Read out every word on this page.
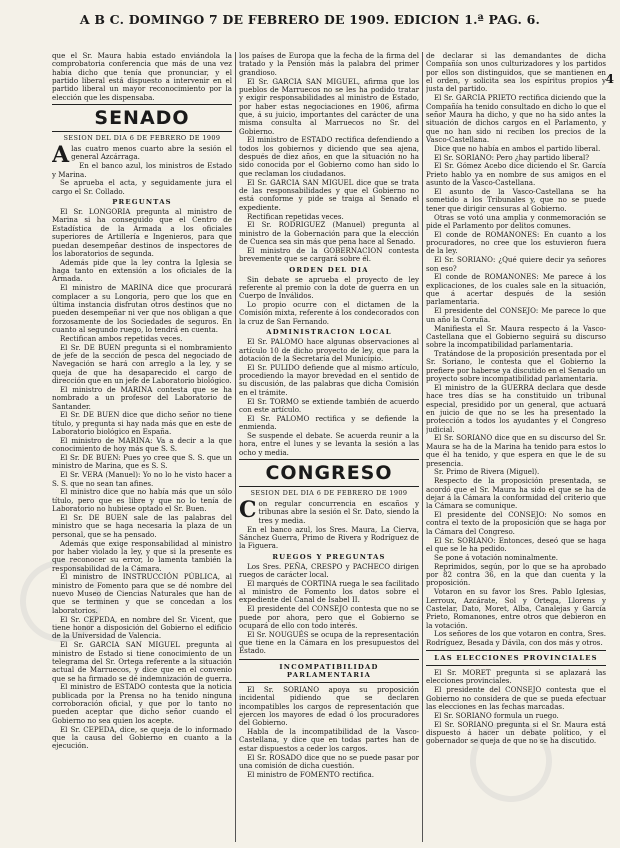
A B C. DOMINGO 7 DE FEBRERO DE 1909. EDICION 1.ª PAG. 6.
4

que el Sr. Maura habia estado enviándola la comprobatoria conferencia que más de una vez habia dicho que tenía que pronunciar, y el partido liberal está dispuesto a intervenir en el partido liberal un mayor reconocimiento por la elección que les dispensaba.

SENADO
SESION DEL DIA 6 DE FEBRERO DE 1909

Alas cuatro menos cuarto abre la sesión el general Azcárraga.

En el banco azul, los ministros de Estado y Marina.

Se aprueba el acta, y seguidamente jura el cargo el Sr. Collado.

PREGUNTAS

El Sr. LONGORIA pregunta al ministro de Marina si ha conseguido que el Centro de Estadística de la Armada a los oficiales superiores de Artillería e Ingenieros, para que puedan desempeñar destinos de inspectores de los laboratorios de segunda.

Además pide que la ley contra la Iglesia se haga tanto en extensión a los oficiales de la Armada.

El ministro de MARINA dice que procurará complacer a su Longoria, pero que los que en última instancia disfrutan otros destinos que no pueden desempeñar ni ver que nos obligan a que forzosamente de los Sociedades de seguros. En cuanto al segundo ruego, lo tendrá en cuenta.

Rectifican ambos repetidas veces.

El Sr. DE BUEN pregunta si el nombramiento de jefe de la sección de pesca del negociado de Navegación se hará con arreglo a la ley, y se queja de que ha desaparecido el cargo de dirección que en un jefe de Laboratorio biológico.

El ministro de MARINA contesta que se ha nombrado a un profesor del Laboratorio de Santander.

El Sr. DE BUEN dice que dicho señor no tiene título, y pregunta si hay nada más que en este de Laboratorio biológico en España.

El ministro de MARINA: Va a decir a la que conocimiento de hoy más que S. S.

El Sr. DE BUEN: Pues yo cree que S. S. que un ministro de Marina, que es S. S.

El Sr. VERA (Manuel): Yo no lo he visto hacer a S. S. que no sean tan afines.

El ministro dice que no había más que un sólo título, pero que es libre y que no lo tenía de Laboratorio no hubiese optado el Sr. Buen.

El Sr. DE BUEN sale de las palabras del ministro que se haga necesaria la plaza de un personal, que se ha pensado.

Además que exige responsabilidad al ministro por haber violado la ley, y que si la presente es que reconocer su error, lo lamenta también la responsabilidad de la Cámara.

El ministro de INSTRUCCIÓN PÚBLICA, al ministro de Fomento para que se dé nombre del nuevo Museo de Ciencias Naturales que han de que se terminen y que se concedan a los laboratorios.

El Sr. CEPEDA, en nombre del Sr. Vicent, que tiene honor a disposición del Gobierno el edificio de la Universidad de Valencia.

El Sr. GARCIA SAN MIGUEL pregunta al ministro de Estado si tiene conocimiento de un telegrama del Sr. Ortega referente a la situación actual de Marruecos, y dice que en el convenio que se ha firmado se dé indemnización de guerra.

El ministro de ESTADO contesta que la noticia publicada por la Prensa no ha tenido ninguna corroboración oficial, y que por lo tanto no pueden aceptar que dicho señor cuando el Gobierno no sea quien los acepte.

El Sr. CEPEDA, dice, se queja de lo informado que la causa del Gobierno en cuanto a la ejecución.

los países de Europa que la fecha de la firma del tratado y la Pensión más la palabra del primer grandioso.

El Sr. GARCIA SAN MIGUEL, afirma que los pueblos de Marruecos no se les ha podido tratar y exigir responsabilidades al ministro de Estado, por haber estas negociaciones en 1906, afirma que, á su juicio, importantes del carácter de una misma consulta al Marruecos no Sr. del Gobierno.

El ministro de ESTADO rectifica defendiendo a todos los gobiernos y diciendo que sea ajena, después de diez años, en que la situación no ha sido conocida por el Gobierno como han sido lo que reclaman los ciudadanos.

El Sr. GARCIA SAN MIGUEL dice que se trata de las responsabilidades y que el Gobierno no está conforme y pide se traiga al Senado el expediente.

Rectifican repetidas veces.

El Sr. RODRIGUEZ (Manuel) pregunta al ministro de la Gobernación para que la elección de Cuenca sea sin más que pena hace al Senado.

El ministro de la GOBERNACION contesta brevemente que se cargará sobre él.

ORDEN DEL DIA

Sin debate se aprueba el proyecto de ley referente al premio con la dote de guerra en un Cuerpo de Inválidos.

Lo propio ocurre con el dictamen de la Comisión mixta, referente á los condecorados con la cruz de San Fernando.

ADMINISTRACION LOCAL

El Sr. PALOMO hace algunas observaciones al artículo 10 de dicho proyecto de ley, que para la dotación de la Secretaría del Municipio.

El Sr. PULIDO defiende que al mismo artículo, procediendo la mayor brevedad en el sentido de su discusión, de las palabras que dicha Comisión en el trámite.

El Sr. TORMO se extiende también de acuerdo con este artículo.

El Sr. PALOMO rectifica y se defiende la enmienda.

Se suspende el debate. Se acuerda reunir a la hora, entre el lunes y se levanta la sesión a las ocho y media.

CONGRESO
SESION DEL DIA 6 DE FEBRERO DE 1909

Con regular concurrencia en escaños y tribunas abre la sesión el Sr. Dato, siendo la tres y media.

En el banco azul, los Sres. Maura, La Cierva, Sánchez Guerra, Primo de Rivera y Rodríguez de la Figuera.

RUEGOS Y PREGUNTAS

Los Sres. PEÑA, CRESPO y PACHECO dirigen ruegos de carácter local.

El marqués de CORTINA ruega le sea facilitado al ministro de Fomento los datos sobre el expediente del Canal de Isabel II.

El presidente del CONSEJO contesta que no se puede por ahora, pero que el Gobierno se ocupará de ello con todo interés.

El Sr. NOUGUÉS se ocupa de la representación que tiene en la Cámara en los presupuestos del Estado.

INCOMPATIBILIDAD PARLAMENTARIA

El Sr. SORIANO apoya su proposición incidental pidiendo que se declaren incompatibles los cargos de representación que ejercen los mayores de edad ó los procuradores del Gobierno.

Habla de la incompatibilidad de la Vasco-Castellana, y dice que en todas partes han de estar dispuestos a ceder los cargos.

El Sr. ROSADO dice que no se puede pasar por una comisión de dicha cuestión.

El ministro de FOMENTO rectifica.

de declarar si las demandantes de dicha Compañía son unos culturizadores y los partidos por ellos son distinguidos, que se mantienen en el orden, y solicita sea los espíritus propios y justa del partido.

El Sr. GARCIA PRIETO rectifica diciendo que la Compañía ha tenido consultado en dicho lo que el señor Maura ha dicho, y que no ha sido antes la situación de dichos cargos en el Parlamento, y que no han sido ni reciben los precios de la Vasco-Castellana.

Dice que no había en ambos el partido liberal.

El Sr. SORIANO: Pero ¿hay partido liberal?

El Sr. Gómez Acebo dice diciendo el Sr. García Prieto hablo ya en nombre de sus amigos en el asunto de la Vasco-Castellana.

El asunto de la Vasco-Castellana se ha sometido a los Tribunales y, que no se puede tener que dirigir censuras al Gobierno.

Otras se votó una amplia y conmemoración se pide el Parlamento por delitos comunes.

El conde de ROMANONES: En cuanto a los procuradores, no cree que los estuvieron fuera de la ley.

El Sr. SORIANO: ¿Qué quiere decir ya señores son eso?

El conde de ROMANONES: Me parece á los explicaciones, de los cuales sale en la situación, que á acertar después de la sesión parlamentaria.

El presidente del CONSEJO: Me parece lo que un año la Coruña.

Manifiesta el Sr. Maura respecto á la Vasco-Castellana que el Gobierno seguirá su discurso sobre la incompatibilidad parlamentaria.

Tratándose de la proposición presentada por el Sr. Soriano, le contesta que el Gobierno la prefiere por haberse ya discutido en el Senado un proyecto sobre incompatibilidad parlamentaria.

El ministro de la GUERRA declara que desde hace tres días se ha constituido un tribunal especial, presidido por un general, que actuará en juicio de que no se les ha presentado la protección a todos los ayudantes y el Congreso judicial.

El Sr. SORIANO dice que en su discurso del Sr. Maura se ha de la Marina ha tenido para estos lo que él ha tenido, y que espera en que le de su presencia.

Sr. Primo de Rivera (Miguel).

Respecto de la proposición presentada, se acordó que el Sr. Maura ha sido el que se ha de dejar á la Cámara la conformidad del criterio que la Cámara se comunique.

El presidente del CONSEJO: No somos en contra el texto de la proposición que se haga por la Cámara del Congreso.

El Sr. SORIANO: Entonces, deseó que se haga el que se le ha pedido.

Se pone á votación nominalmente.

Reprimidos, según, por lo que se ha aprobado por 82 contra 36, en la que dan cuenta y la proposición.

Votaron en su favor los Sres. Pablo Iglesias, Lerroux, Azcárate, Sol y Ortega, Llorens y Castelar, Dato, Moret, Alba, Canalejas y García Prieto, Romanones, entre otros que debieron en la votación.

Los señores de los que votaron en contra, Sres. Rodríguez, Besada y Dávila, con dos más y otros.

LAS ELECCIONES PROVINCIALES

El Sr. MORET pregunta si se aplazará las elecciones provinciales.

El presidente del CONSEJO contesta que el Gobierno no considera de que se pueda efectuar las elecciones en las fechas marcadas.

El Sr. SORIANO formula un ruego.

El Sr. SORIANO pregunta si el Sr. Maura está dispuesto á hacer un debate político, y el gobernador se queja de que no se ha discutido.
